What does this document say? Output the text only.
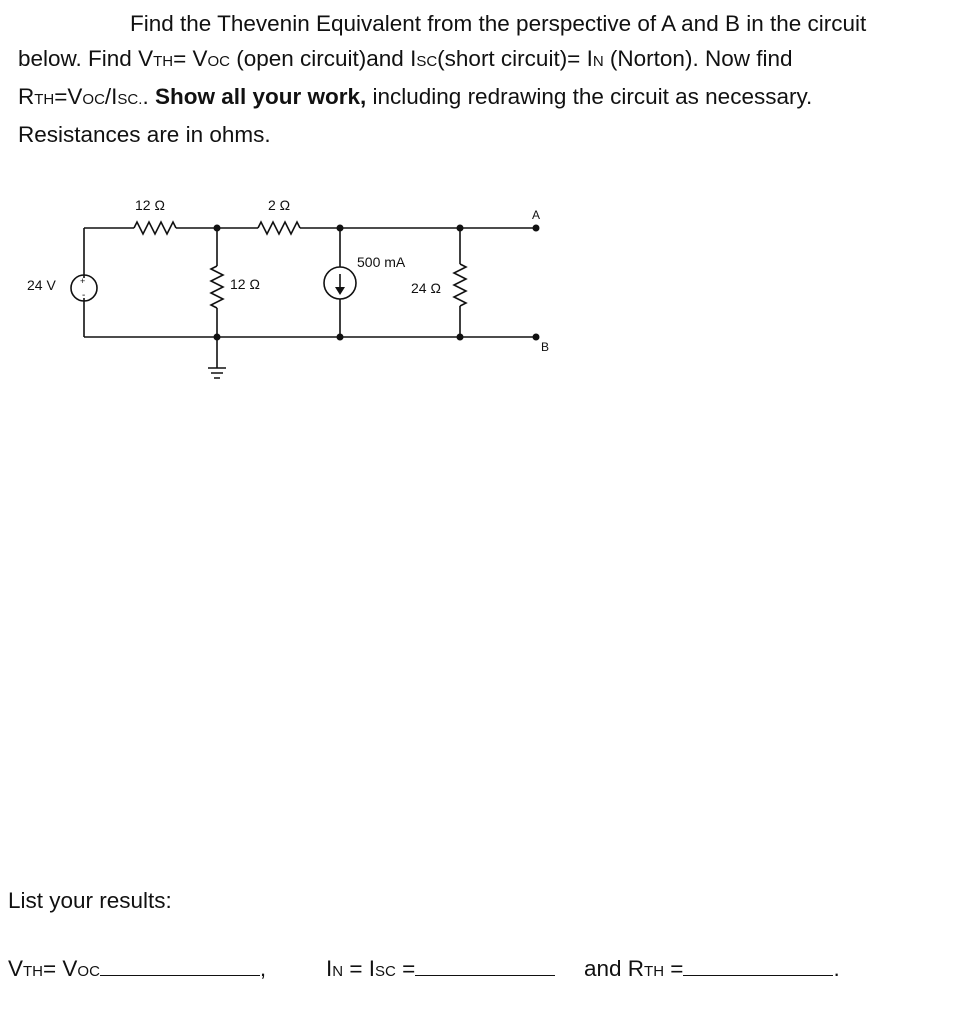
Find the Thevenin Equivalent from the perspective of A and B in the circuit

below. Find VTH= VOC (open circuit)and ISC(short circuit)= IN (Norton). Now find

RTH=VOC/ISC.. Show all your work, including redrawing the circuit as necessary.

Resistances are in ohms.

+
-
24 V
12 Ω	2 Ω
12 Ω
500 mA
24 Ω
A
B
List your results:
VTH= VOC	,	IN = ISC =	and RTH =	.
